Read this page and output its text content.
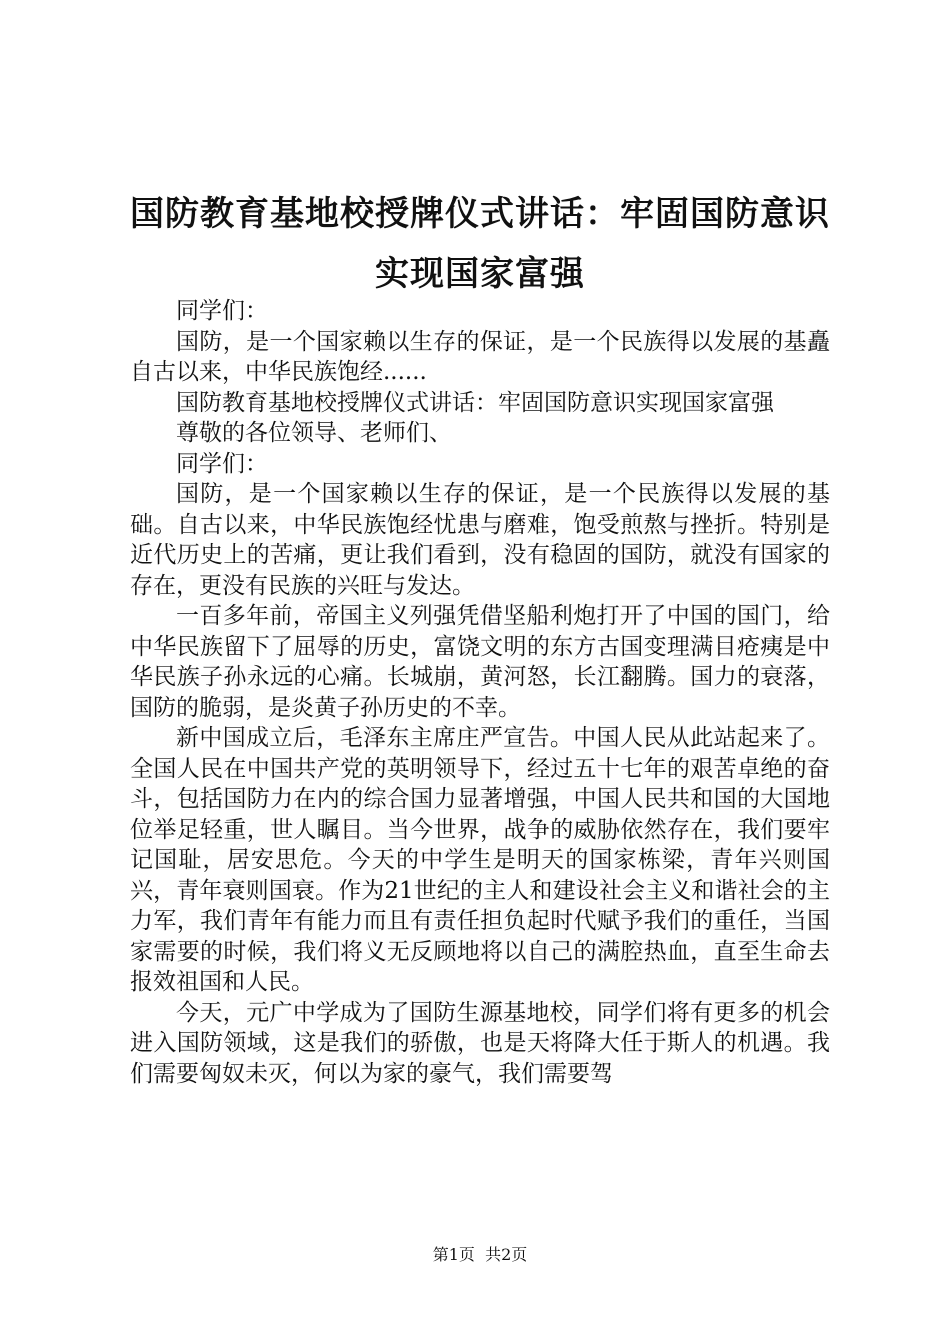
国防教育基地校授牌仪式讲话：牢固国防意识
实现国家富强

同学们：

国防，是一个国家赖以生存的保证，是一个民族得以发展的基矗自古以来，中华民族饱经......

国防教育基地校授牌仪式讲话：牢固国防意识实现国家富强

尊敬的各位领导、老师们、

同学们：

国防，是一个国家赖以生存的保证，是一个民族得以发展的基础。自古以来，中华民族饱经忧患与磨难，饱受煎熬与挫折。特别是近代历史上的苦痛，更让我们看到，没有稳固的国防，就没有国家的存在，更没有民族的兴旺与发达。

一百多年前，帝国主义列强凭借坚船利炮打开了中国的国门，给中华民族留下了屈辱的历史，富饶文明的东方古国变理满目疮痍是中华民族子孙永远的心痛。长城崩，黄河怒，长江翻腾。国力的衰落，国防的脆弱，是炎黄子孙历史的不幸。

新中国成立后，毛泽东主席庄严宣告。中国人民从此站起来了。全国人民在中国共产党的英明领导下，经过五十七年的艰苦卓绝的奋斗，包括国防力在内的综合国力显著增强，中国人民共和国的大国地位举足轻重，世人瞩目。当今世界，战争的威胁依然存在，我们要牢记国耻，居安思危。今天的中学生是明天的国家栋梁，青年兴则国兴，青年衰则国衰。作为21世纪的主人和建设社会主义和谐社会的主力军，我们青年有能力而且有责任担负起时代赋予我们的重任，当国家需要的时候，我们将义无反顾地将以自己的满腔热血，直至生命去报效祖国和人民。

今天，元广中学成为了国防生源基地校，同学们将有更多的机会进入国防领域，这是我们的骄傲，也是天将降大任于斯人的机遇。我们需要匈奴未灭，何以为家的豪气，我们需要驾

第1页  共2页
